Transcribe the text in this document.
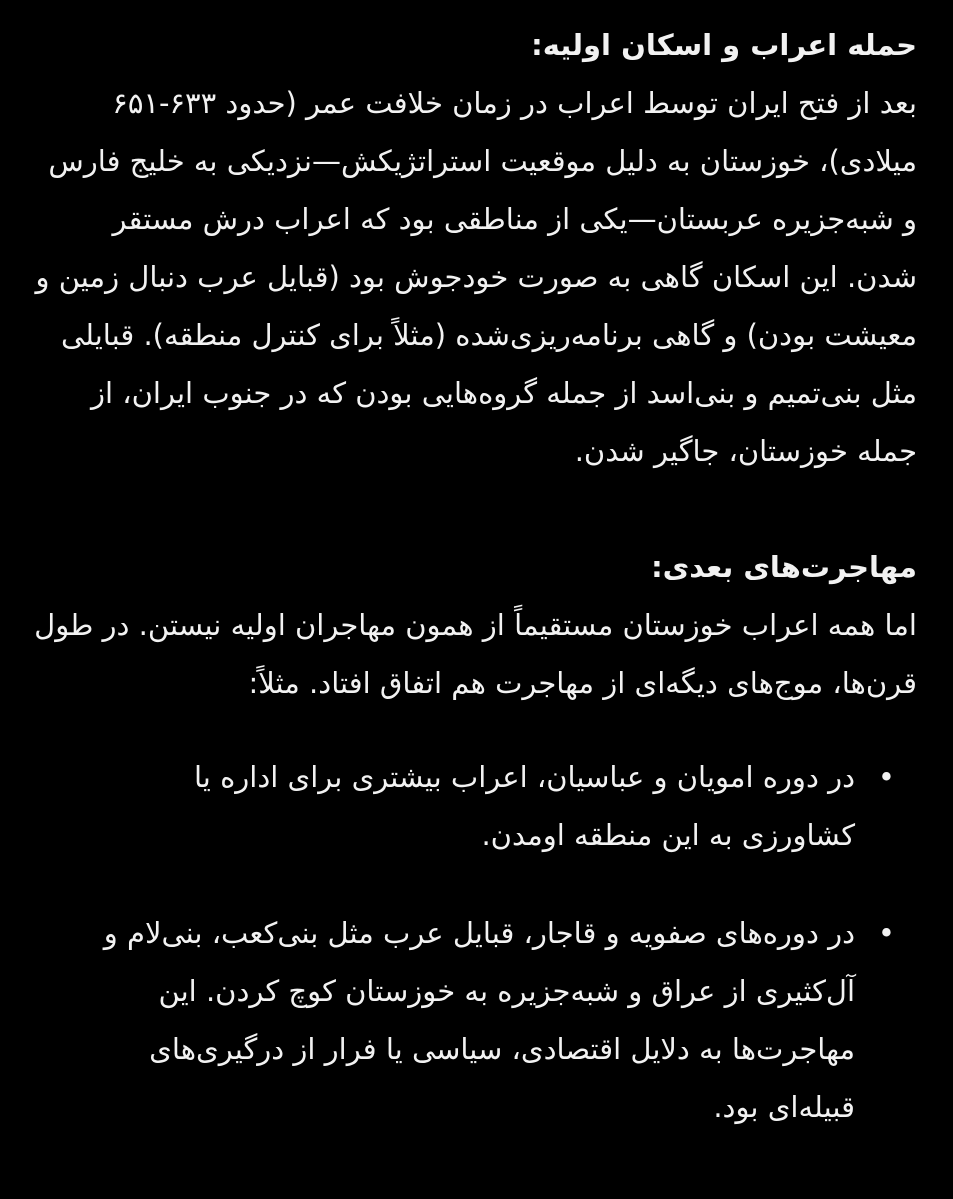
حمله اعراب و اسکان اولیه:

بعد از فتح ایران توسط اعراب در زمان خلافت عمر (حدود ۶۳۳-۶۵۱ میلادی)، خوزستان به دلیل موقعیت استراتژیکش—نزدیکی به خلیج فارس و شبه‌جزیره عربستان—یکی از مناطقی بود که اعراب درش مستقر شدن. این اسکان گاهی به صورت خودجوش بود (قبایل عرب دنبال زمین و معیشت بودن) و گاهی برنامه‌ریزی‌شده (مثلاً برای کنترل منطقه). قبایلی مثل بنی‌تمیم و بنی‌اسد از جمله گروه‌هایی بودن که در جنوب ایران، از جمله خوزستان، جاگیر شدن.

مهاجرت‌های بعدی:

اما همه اعراب خوزستان مستقیماً از همون مهاجران اولیه نیستن. در طول قرن‌ها، موج‌های دیگه‌ای از مهاجرت هم اتفاق افتاد. مثلاً:

•
در دوره امویان و عباسیان، اعراب بیشتری برای اداره یا کشاورزی به این منطقه اومدن.
•
در دوره‌های صفویه و قاجار، قبایل عرب مثل بنی‌کعب، بنی‌لام و آل‌کثیری از عراق و شبه‌جزیره به خوزستان کوچ کردن. این مهاجرت‌ها به دلایل اقتصادی، سیاسی یا فرار از درگیری‌های قبیله‌ای بود.
